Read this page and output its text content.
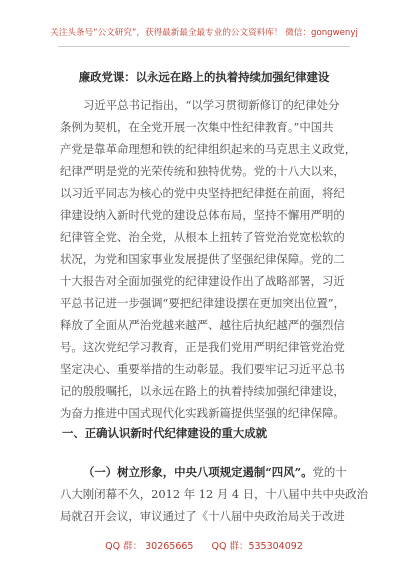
关注头条号“公文研究”，获得最新最全最专业的公文资料库！ 微信：gongwenyj
廉政党课：以永远在路上的执着持续加强纪律建设
习近平总书记指出，“以学习贯彻新修订的纪律处分
条例为契机，在全党开展一次集中性纪律教育。”中国共
产党是靠革命理想和铁的纪律组织起来的马克思主义政党，
纪律严明是党的光荣传统和独特优势。党的十八大以来，
以习近平同志为核心的党中央坚持把纪律挺在前面，将纪
律建设纳入新时代党的建设总体布局，坚持不懈用严明的
纪律管全党、治全党，从根本上扭转了管党治党宽松软的
状况，为党和国家事业发展提供了坚强纪律保障。党的二
十大报告对全面加强党的纪律建设作出了战略部署，习近
平总书记进一步强调“要把纪律建设摆在更加突出位置”，
释放了全面从严治党越来越严、越往后执纪越严的强烈信
号。这次党纪学习教育，正是我们党用严明纪律管党治党
坚定决心、重要举措的生动彰显。我们要牢记习近平总书
记的殷殷嘱托，以永远在路上的执着持续加强纪律建设，
为奋力推进中国式现代化实践新篇提供坚强的纪律保障。
一、正确认识新时代纪律建设的重大成就
（一）树立形象，中央八项规定遏制“四风”。党的十
八大刚闭幕不久，2012 年 12 月 4 日，十八届中共中央政治
局就召开会议，审议通过了《十八届中央政治局关于改进
QQ 群： 30265665 QQ 群：535304092
